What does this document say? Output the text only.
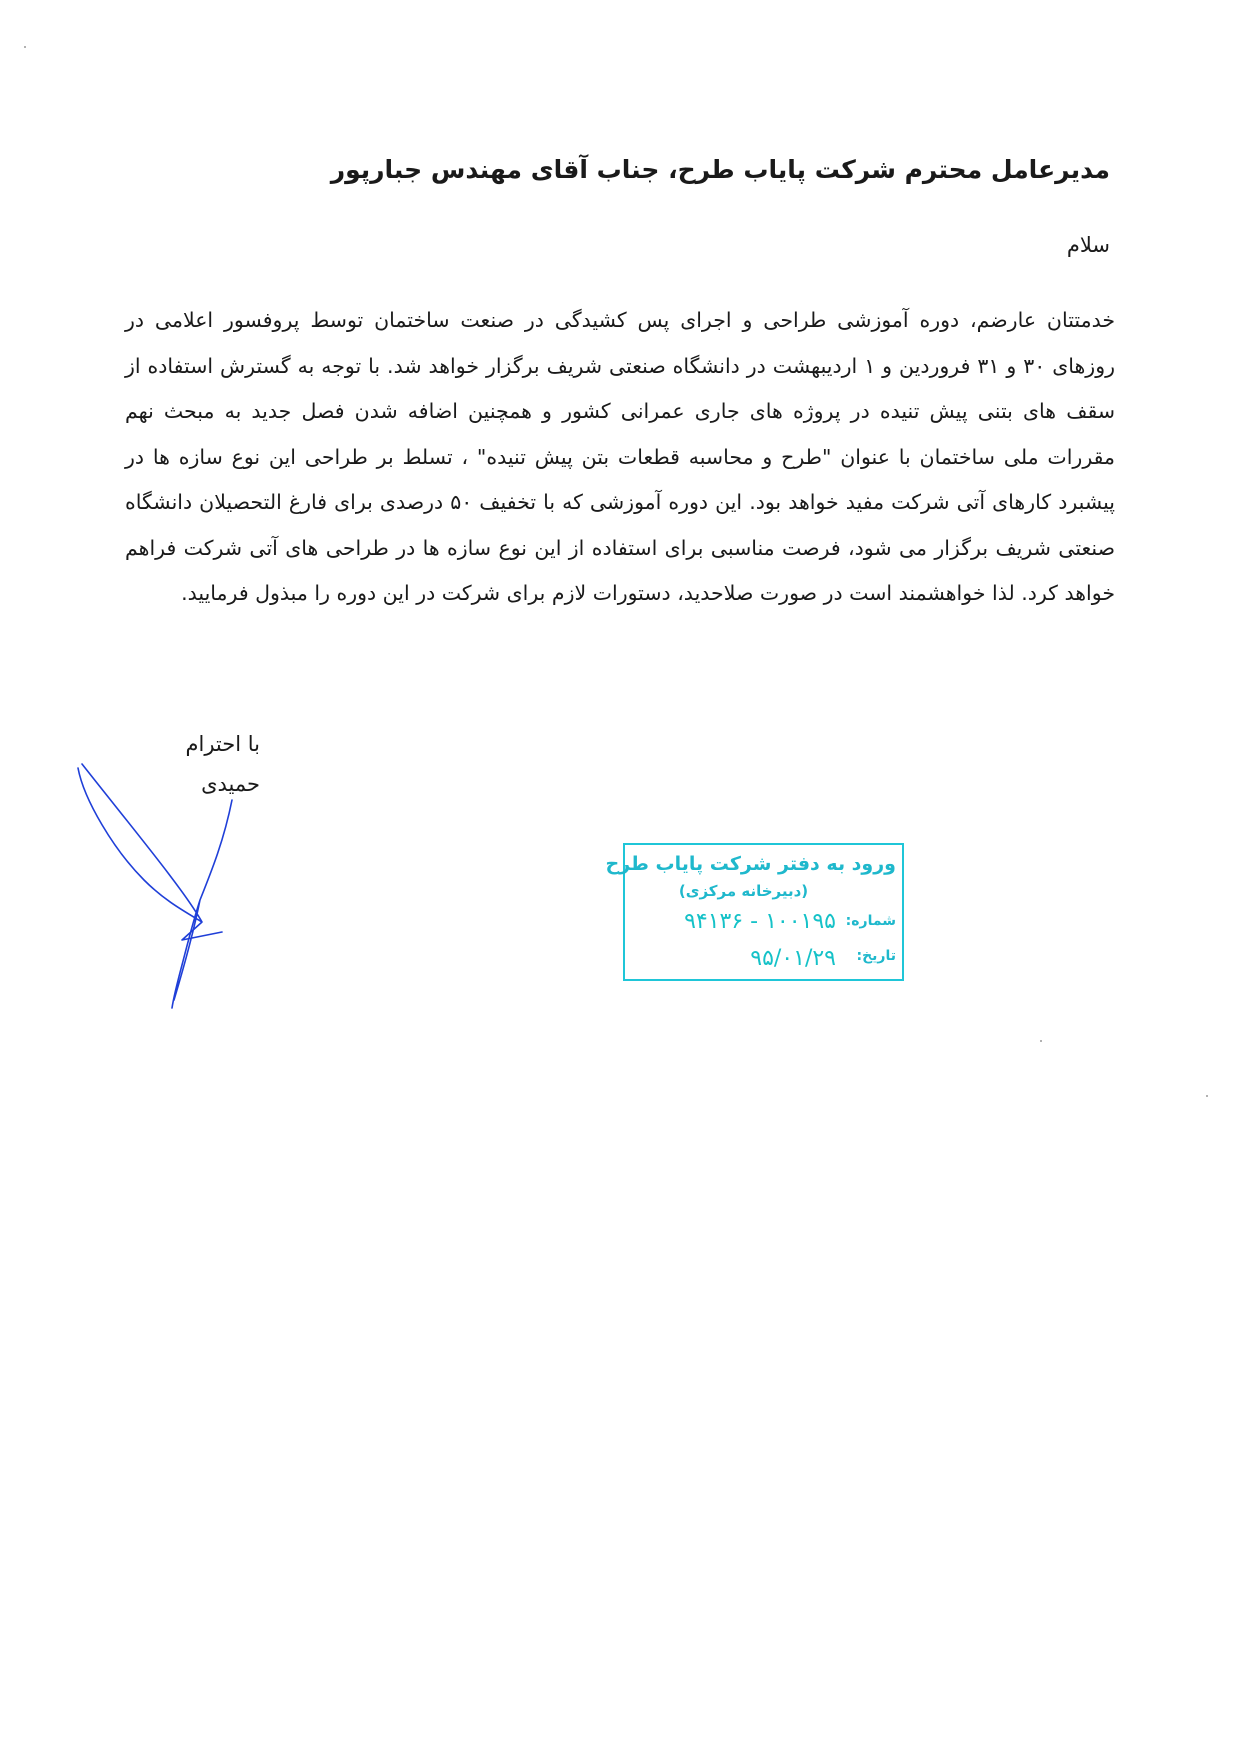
مدیرعامل محترم شرکت پایاب طرح، جناب آقای مهندس جبارپور
سلام
خدمتتان عارضم، دوره آموزشی طراحی و اجرای پس کشیدگی در صنعت ساختمان توسط پروفسور اعلامی در روزهای ۳۰ و ۳۱ فروردین و ۱ اردیبهشت در دانشگاه صنعتی شریف برگزار خواهد شد. با توجه به گسترش استفاده از سقف های بتنی پیش تنیده در پروژه های جاری عمرانی کشور و همچنین اضافه شدن فصل جدید به مبحث نهم مقررات ملی ساختمان با عنوان "طرح و محاسبه قطعات بتن پیش تنیده" ، تسلط بر طراحی این نوع سازه ها در پیشبرد کارهای آتی شرکت مفید خواهد بود. این دوره آموزشی که با تخفیف ۵۰ درصدی برای فارغ التحصیلان دانشگاه صنعتی شریف برگزار می شود، فرصت مناسبی برای استفاده از این نوع سازه ها در طراحی های آتی شرکت فراهم خواهد کرد. لذا خواهشمند است در صورت صلاحدید، دستورات لازم برای شرکت در این دوره را مبذول فرمایید.
با احترام
حمیدی
ورود به دفتر شرکت پایاب طرح
(دبیرخانه مرکزی)
شماره:
۱۰۰۱۹۵ - ۹۴۱۳۶
تاریخ:
۹۵/۰۱/۲۹
